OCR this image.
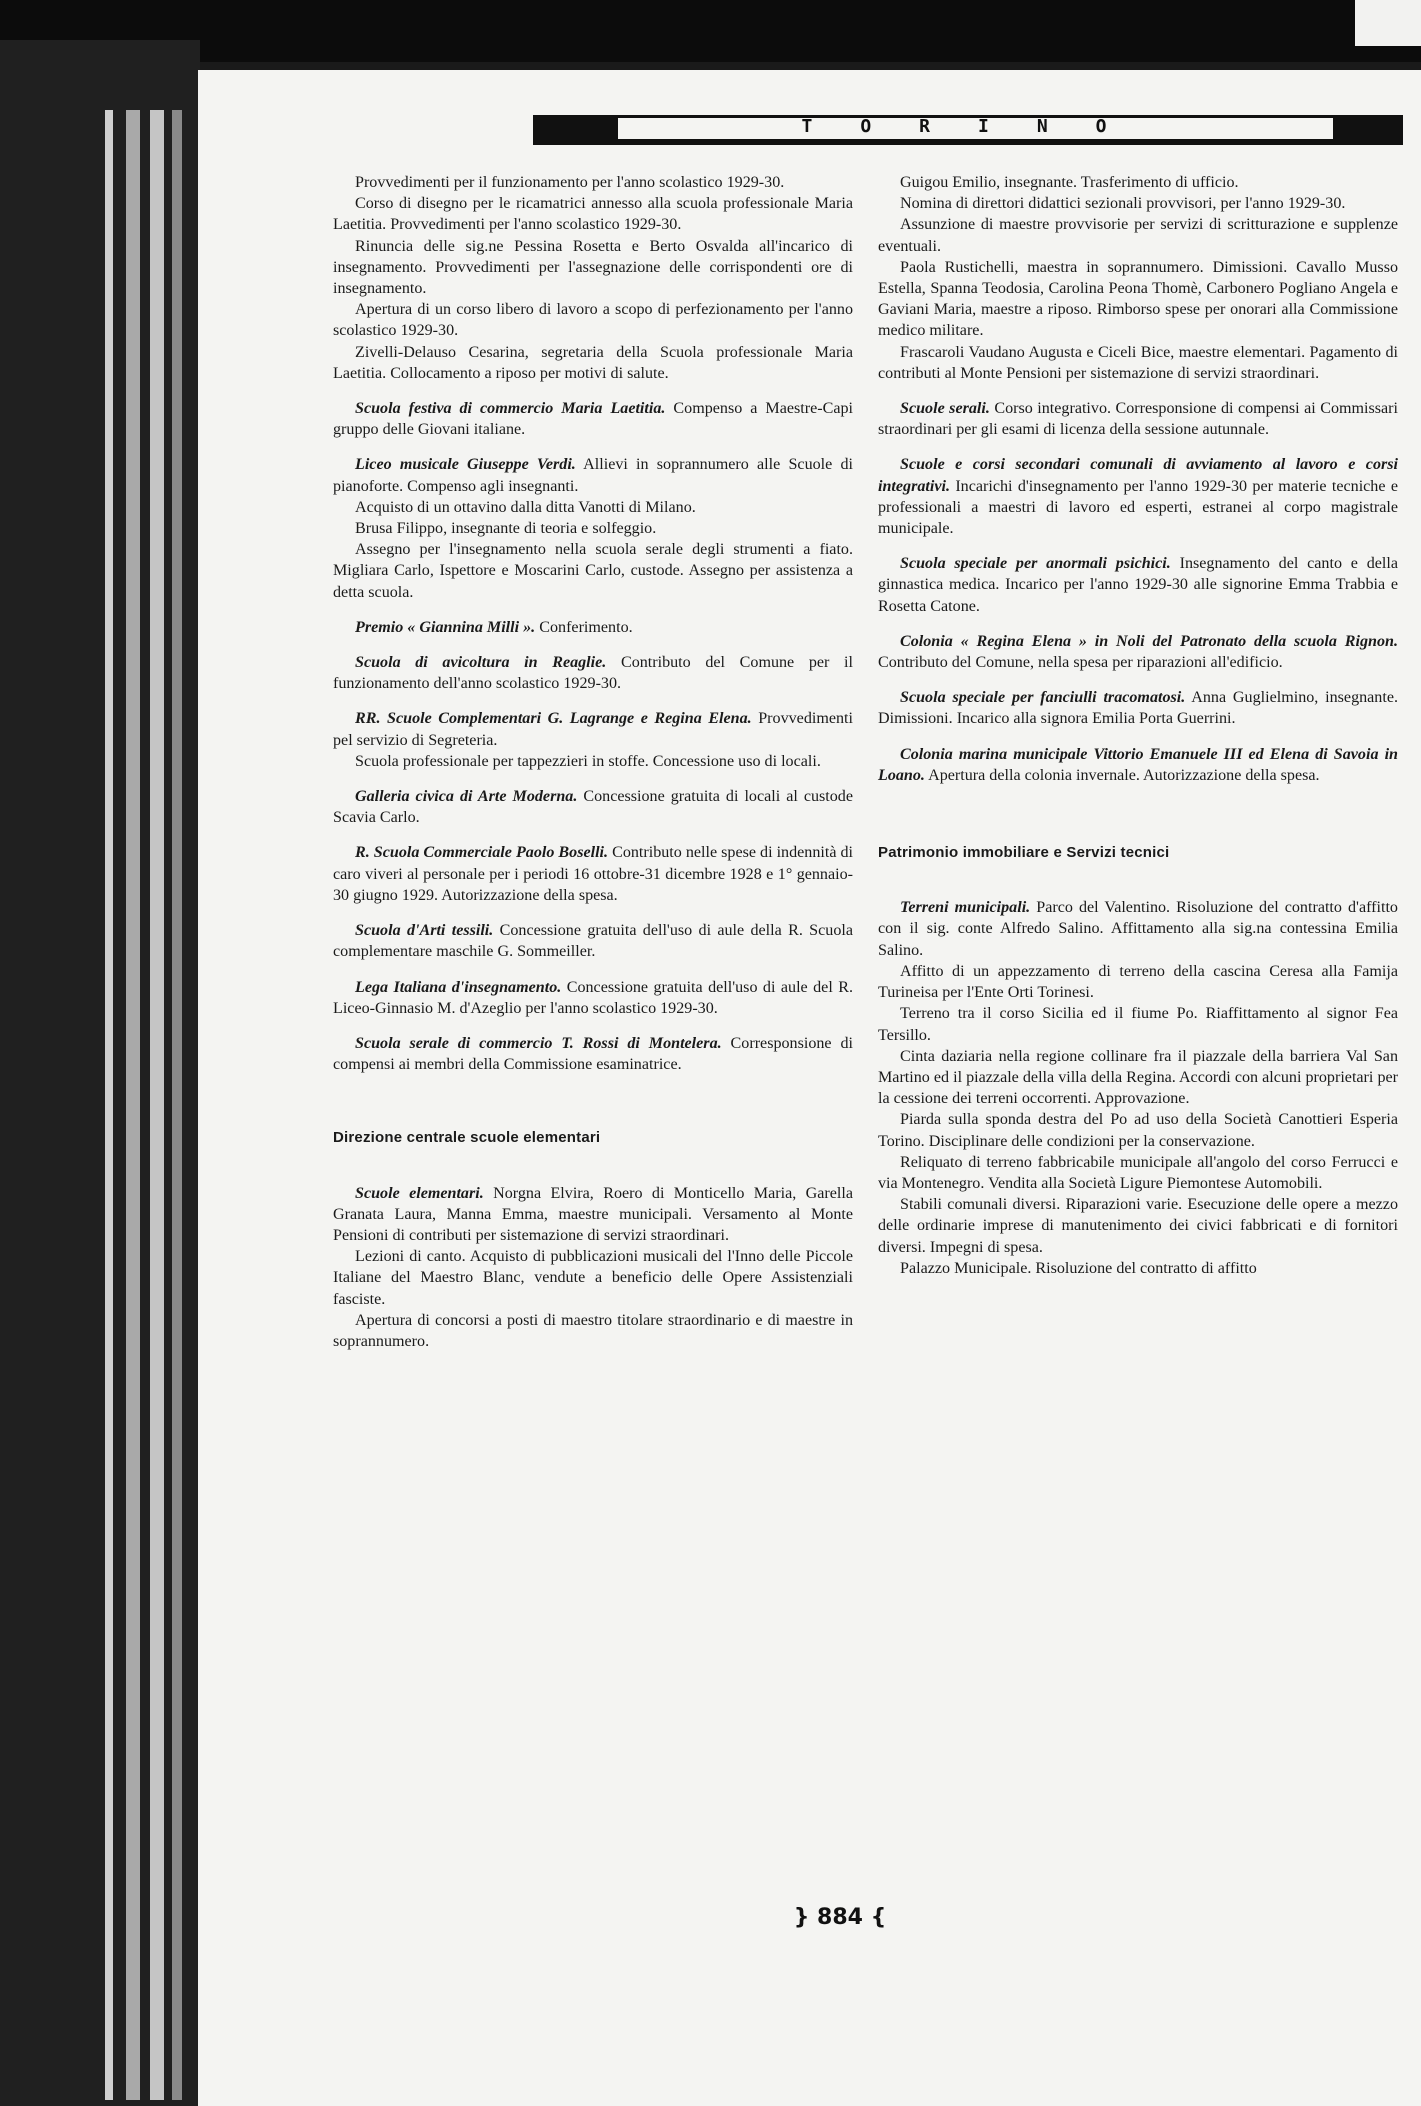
TORINO

Provvedimenti per il funzionamento per l'anno scolastico 1929-30.

Corso di disegno per le ricamatrici annesso alla scuola professionale Maria Laetitia. Provvedimenti per l'anno scolastico 1929-30.

Rinuncia delle sig.ne Pessina Rosetta e Berto Osvalda all'incarico di insegnamento. Provvedimenti per l'assegnazione delle corrispondenti ore di insegnamento.

Apertura di un corso libero di lavoro a scopo di perfezionamento per l'anno scolastico 1929-30.

Zivelli-Delauso Cesarina, segretaria della Scuola professionale Maria Laetitia. Collocamento a riposo per motivi di salute.

Scuola festiva di commercio Maria Laetitia. Compenso a Maestre-Capi gruppo delle Giovani italiane.

Liceo musicale Giuseppe Verdi. Allievi in soprannumero alle Scuole di pianoforte. Compenso agli insegnanti.

Acquisto di un ottavino dalla ditta Vanotti di Milano.

Brusa Filippo, insegnante di teoria e solfeggio.

Assegno per l'insegnamento nella scuola serale degli strumenti a fiato. Migliara Carlo, Ispettore e Moscarini Carlo, custode. Assegno per assistenza a detta scuola.

Premio « Giannina Milli ». Conferimento.

Scuola di avicoltura in Reaglie. Contributo del Comune per il funzionamento dell'anno scolastico 1929-30.

RR. Scuole Complementari G. Lagrange e Regina Elena. Provvedimenti pel servizio di Segreteria.

Scuola professionale per tappezzieri in stoffe. Concessione uso di locali.

Galleria civica di Arte Moderna. Concessione gratuita di locali al custode Scavia Carlo.

R. Scuola Commerciale Paolo Boselli. Contributo nelle spese di indennità di caro viveri al personale per i periodi 16 ottobre-31 dicembre 1928 e 1° gennaio-30 giugno 1929. Autorizzazione della spesa.

Scuola d'Arti tessili. Concessione gratuita dell'uso di aule della R. Scuola complementare maschile G. Sommeiller.

Lega Italiana d'insegnamento. Concessione gratuita dell'uso di aule del R. Liceo-Ginnasio M. d'Azeglio per l'anno scolastico 1929-30.

Scuola serale di commercio T. Rossi di Montelera. Corresponsione di compensi ai membri della Commissione esaminatrice.

Direzione centrale scuole elementari

Scuole elementari. Norgna Elvira, Roero di Monticello Maria, Garella Granata Laura, Manna Emma, maestre municipali. Versamento al Monte Pensioni di contributi per sistemazione di servizi straordinari.

Lezioni di canto. Acquisto di pubblicazioni musicali del l'Inno delle Piccole Italiane del Maestro Blanc, vendute a beneficio delle Opere Assistenziali fasciste.

Apertura di concorsi a posti di maestro titolare straordinario e di maestre in soprannumero.

Guigou Emilio, insegnante. Trasferimento di ufficio.

Nomina di direttori didattici sezionali provvisori, per l'anno 1929-30.

Assunzione di maestre provvisorie per servizi di scritturazione e supplenze eventuali.

Paola Rustichelli, maestra in soprannumero. Dimissioni. Cavallo Musso Estella, Spanna Teodosia, Carolina Peona Thomè, Carbonero Pogliano Angela e Gaviani Maria, maestre a riposo. Rimborso spese per onorari alla Commissione medico militare.

Frascaroli Vaudano Augusta e Ciceli Bice, maestre elementari. Pagamento di contributi al Monte Pensioni per sistemazione di servizi straordinari.

Scuole serali. Corso integrativo. Corresponsione di compensi ai Commissari straordinari per gli esami di licenza della sessione autunnale.

Scuole e corsi secondari comunali di avviamento al lavoro e corsi integrativi. Incarichi d'insegnamento per l'anno 1929-30 per materie tecniche e professionali a maestri di lavoro ed esperti, estranei al corpo magistrale municipale.

Scuola speciale per anormali psichici. Insegnamento del canto e della ginnastica medica. Incarico per l'anno 1929-30 alle signorine Emma Trabbia e Rosetta Catone.

Colonia « Regina Elena » in Noli del Patronato della scuola Rignon. Contributo del Comune, nella spesa per riparazioni all'edificio.

Scuola speciale per fanciulli tracomatosi. Anna Guglielmino, insegnante. Dimissioni. Incarico alla signora Emilia Porta Guerrini.

Colonia marina municipale Vittorio Emanuele III ed Elena di Savoia in Loano. Apertura della colonia invernale. Autorizzazione della spesa.

Patrimonio immobiliare e Servizi tecnici

Terreni municipali. Parco del Valentino. Risoluzione del contratto d'affitto con il sig. conte Alfredo Salino. Affittamento alla sig.na contessina Emilia Salino.

Affitto di un appezzamento di terreno della cascina Ceresa alla Famija Turineisa per l'Ente Orti Torinesi.

Terreno tra il corso Sicilia ed il fiume Po. Riaffittamento al signor Fea Tersillo.

Cinta daziaria nella regione collinare fra il piazzale della barriera Val San Martino ed il piazzale della villa della Regina. Accordi con alcuni proprietari per la cessione dei terreni occorrenti. Approvazione.

Piarda sulla sponda destra del Po ad uso della Società Canottieri Esperia Torino. Disciplinare delle condizioni per la conservazione.

Reliquato di terreno fabbricabile municipale all'angolo del corso Ferrucci e via Montenegro. Vendita alla Società Ligure Piemontese Automobili.

Stabili comunali diversi. Riparazioni varie. Esecuzione delle opere a mezzo delle ordinarie imprese di manutenimento dei civici fabbricati e di fornitori diversi. Impegni di spesa.

Palazzo Municipale. Risoluzione del contratto di affitto

} 884 {
